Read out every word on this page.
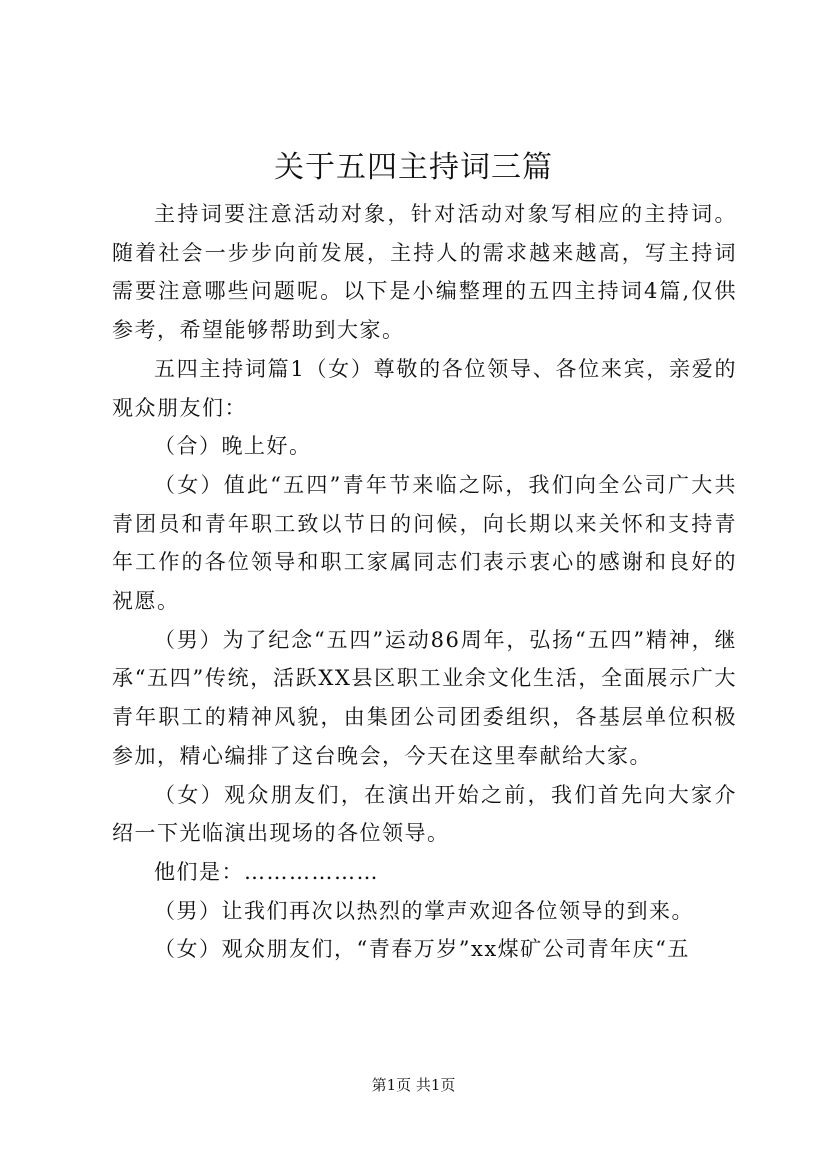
关于五四主持词三篇

主持词要注意活动对象，针对活动对象写相应的主持词。随着社会一步步向前发展，主持人的需求越来越高，写主持词需要注意哪些问题呢。以下是小编整理的五四主持词4篇,仅供参考，希望能够帮助到大家。

五四主持词篇1（女）尊敬的各位领导、各位来宾，亲爱的观众朋友们：

（合）晚上好。

（女）值此“五四”青年节来临之际，我们向全公司广大共青团员和青年职工致以节日的问候，向长期以来关怀和支持青年工作的各位领导和职工家属同志们表示衷心的感谢和良好的祝愿。

（男）为了纪念“五四”运动86周年，弘扬“五四”精神，继承“五四”传统，活跃XX县区职工业余文化生活，全面展示广大青年职工的精神风貌，由集团公司团委组织，各基层单位积极参加，精心编排了这台晚会，今天在这里奉献给大家。

（女）观众朋友们，在演出开始之前，我们首先向大家介绍一下光临演出现场的各位领导。

他们是：………………

（男）让我们再次以热烈的掌声欢迎各位领导的到来。

（女）观众朋友们，“青春万岁”xx煤矿公司青年庆“五

第1页 共1页
